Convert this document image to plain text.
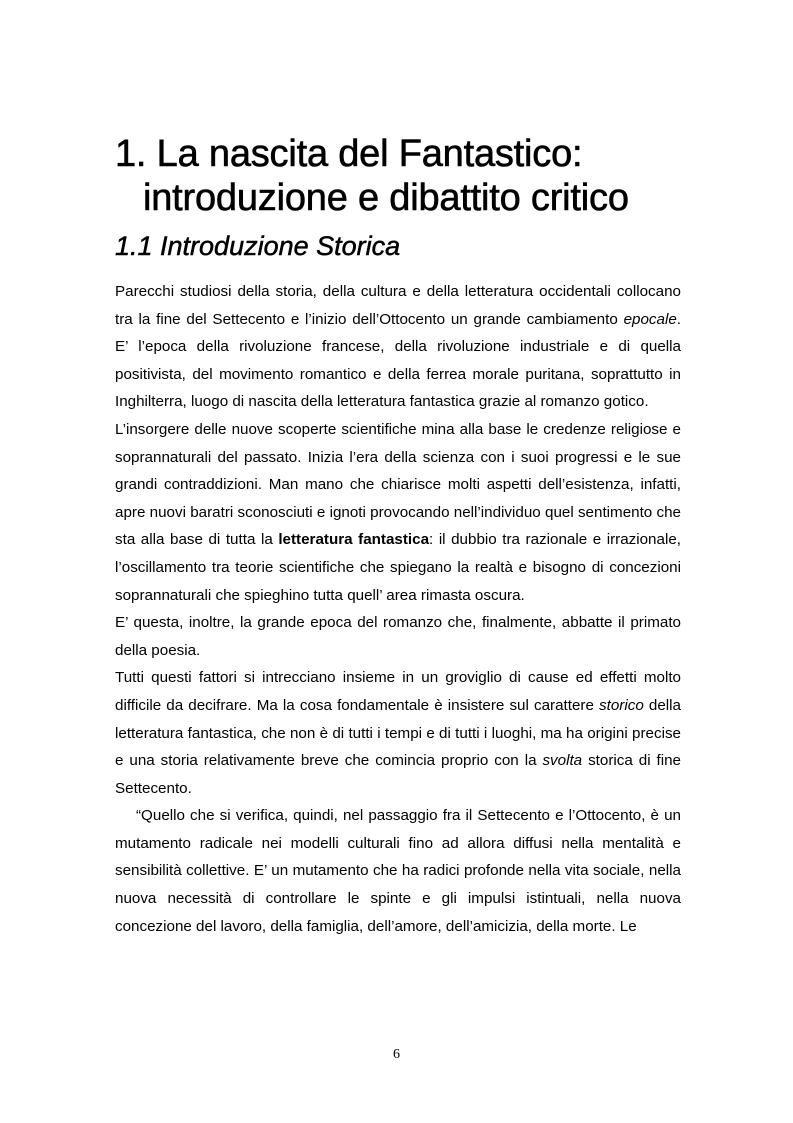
1. La nascita del Fantastico:
introduzione e dibattito critico
1.1 Introduzione Storica

Parecchi studiosi della storia, della cultura e della letteratura occidentali collocano tra la fine del Settecento e l’inizio dell’Ottocento un grande cambiamento epocale. E’ l’epoca della rivoluzione francese, della rivoluzione industriale e di quella positivista, del movimento romantico e della ferrea morale puritana, soprattutto in Inghilterra, luogo di nascita della letteratura fantastica grazie al romanzo gotico.

L’insorgere delle nuove scoperte scientifiche mina alla base le credenze religiose e soprannaturali del passato. Inizia l’era della scienza con i suoi progressi e le sue grandi contraddizioni. Man mano che chiarisce molti aspetti dell’esistenza, infatti, apre nuovi baratri sconosciuti e ignoti provocando nell’individuo quel sentimento che sta alla base di tutta la letteratura fantastica: il dubbio tra razionale e irrazionale, l’oscillamento tra teorie scientifiche che spiegano la realtà e bisogno di concezioni soprannaturali che spieghino tutta quell’ area rimasta oscura.

E’ questa, inoltre, la grande epoca del romanzo che, finalmente, abbatte il primato della poesia.

Tutti questi fattori si intrecciano insieme in un groviglio di cause ed effetti molto difficile da decifrare. Ma la cosa fondamentale è insistere sul carattere storico della letteratura fantastica, che non è di tutti i tempi e di tutti i luoghi, ma ha origini precise e una storia relativamente breve che comincia proprio con la svolta storica di fine Settecento.

“Quello che si verifica, quindi, nel passaggio fra il Settecento e l’Ottocento, è un mutamento radicale nei modelli culturali fino ad allora diffusi nella mentalità e sensibilità collettive. E’ un mutamento che ha radici profonde nella vita sociale, nella nuova necessità di controllare le spinte e gli impulsi istintuali, nella nuova concezione del lavoro, della famiglia, dell’amore, dell’amicizia, della morte. Le

6
